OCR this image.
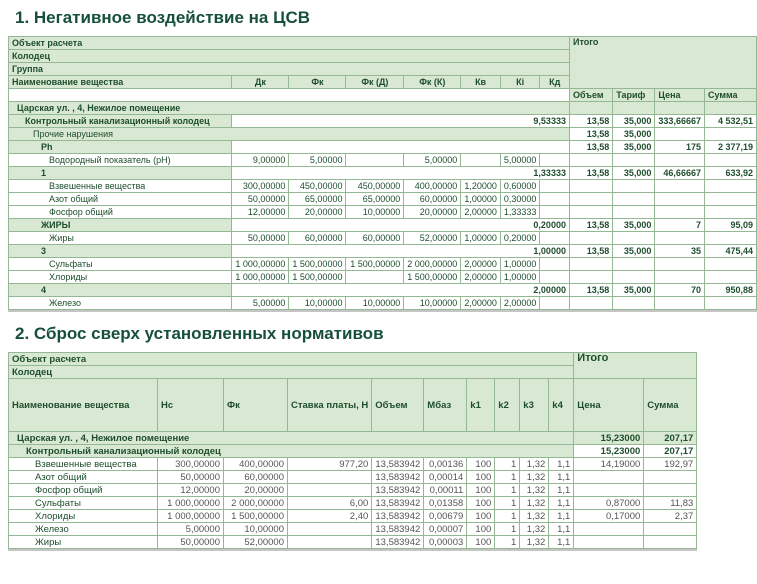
1. Негативное воздействие на ЦСВ
Объект расчета								Итого			
Колодец											
Группа											
Наименование вещества	Дк	Фк	Фк (Д)	Фк (К)	Кв	Кi	Кд				
								Объем	Тариф	Цена	Сумма
Царская ул. , 4, Нежилое помещение											
Контрольный канализационный колодец	9,53333							13,58	35,000	333,66667	4 532,51
Прочие нарушения								13,58	35,000		
Ph								13,58	35,000	175	2 377,19
Водородный показатель (pH)	9,00000	5,00000		5,00000		5,00000					
1	1,33333							13,58	35,000	46,66667	633,92
Взвешенные вещества	300,00000	450,00000	450,00000	400,00000	1,20000	0,60000					
Азот общий	50,00000	65,00000	65,00000	60,00000	1,00000	0,30000					
Фосфор общий	12,00000	20,00000	10,00000	20,00000	2,00000	1,33333					
ЖИРЫ	0,20000							13,58	35,000	7	95,09
Жиры	50,00000	60,00000	60,00000	52,00000	1,00000	0,20000					
3	1,00000							13,58	35,000	35	475,44
Сульфаты	1 000,00000	1 500,00000	1 500,00000	2 000,00000	2,00000	1,00000					
Хлориды	1 000,00000	1 500,00000		1 500,00000	2,00000	1,00000					
4	2,00000							13,58	35,000	70	950,88
Железо	5,00000	10,00000	10,00000	10,00000	2,00000	2,00000					
2. Сброс сверх установленных нормативов
Объект расчета										Итого	
Колодец											
Наименование вещества	Нс	Фк	Ставка платы, Н	Объем	Мбаз	k1	k2	k3	k4	Цена	Сумма
Царская ул. , 4, Нежилое помещение										15,23000	207,17
Контрольный канализационный колодец										15,23000	207,17
Взвешенные вещества	300,00000	400,00000	977,20	13,583942	0,00136	100	1	1,32	1,1	14,19000	192,97
Азот общий	50,00000	60,00000		13,583942	0,00014	100	1	1,32	1,1		
Фосфор общий	12,00000	20,00000		13,583942	0,00011	100	1	1,32	1,1		
Сульфаты	1 000,00000	2 000,00000	6,00	13,583942	0,01358	100	1	1,32	1,1	0,87000	11,83
Хлориды	1 000,00000	1 500,00000	2,40	13,583942	0,00679	100	1	1,32	1,1	0,17000	2,37
Железо	5,00000	10,00000		13,583942	0,00007	100	1	1,32	1,1		
Жиры	50,00000	52,00000		13,583942	0,00003	100	1	1,32	1,1		
